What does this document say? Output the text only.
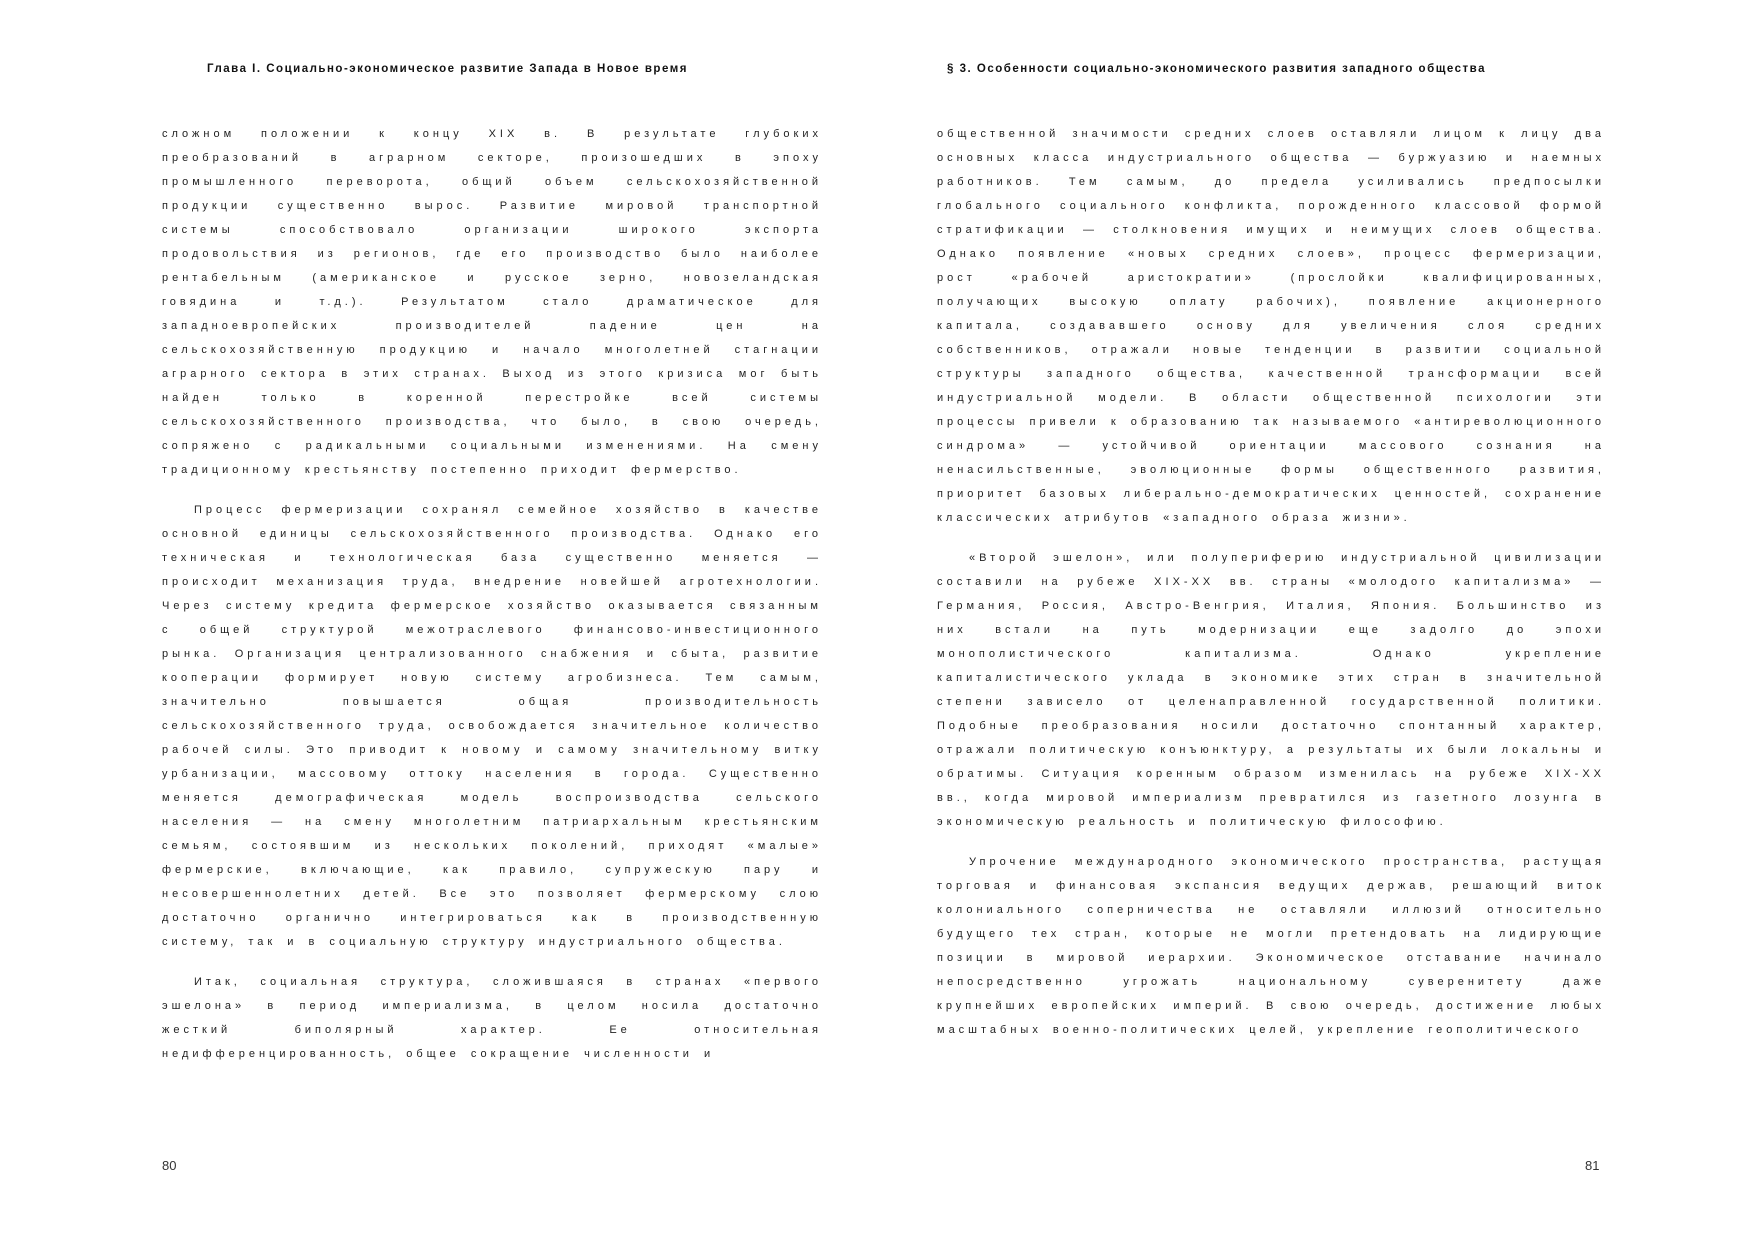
Глава I. Социально-экономическое развитие Запада в Новое время

сложном положении к концу XIX в. В результате глубоких преобразований в аграрном секторе, произошедших в эпоху промышленного переворота, общий объем сельскохозяйственной продукции существенно вырос. Развитие мировой транспортной системы способствовало организации широкого экспорта продовольствия из регионов, где его производство было наиболее рентабельным (американское и русское зерно, новозеландская говядина и т.д.). Результатом стало драматическое для западноевропейских производителей падение цен на сельскохозяйственную продукцию и начало многолетней стагнации аграрного сектора в этих странах. Выход из этого кризиса мог быть найден только в коренной перестройке всей системы сельскохозяйственного производства, что было, в свою очередь, сопряжено с радикальными социальными изменениями. На смену традиционному крестьянству постепенно приходит фермерство.

Процесс фермеризации сохранял семейное хозяйство в качестве основной единицы сельскохозяйственного производства. Однако его техническая и технологическая база существенно меняется — происходит механизация труда, внедрение новейшей агротехнологии. Через систему кредита фермерское хозяйство оказывается связанным с общей структурой межотраслевого финансово-инвестиционного рынка. Организация централизованного снабжения и сбыта, развитие кооперации формирует новую систему агробизнеса. Тем самым, значительно повышается общая производительность сельскохозяйственного труда, освобождается значительное количество рабочей силы. Это приводит к новому и самому значительному витку урбанизации, массовому оттоку населения в города. Существенно меняется демографическая модель воспроизводства сельского населения — на смену многолетним патриархальным крестьянским семьям, состоявшим из нескольких поколений, приходят «малые» фермерские, включающие, как правило, супружескую пару и несовершеннолетних детей. Все это позволяет фермерскому слою достаточно органично интегрироваться как в производственную систему, так и в социальную структуру индустриального общества.

Итак, социальная структура, сложившаяся в странах «первого эшелона» в период империализма, в целом носила достаточно жесткий биполярный характер. Ее относительная недифференцированность, общее сокращение численности и

80
§ 3. Особенности социально-экономического развития западного общества

общественной значимости средних слоев оставляли лицом к лицу два основных класса индустриального общества — буржуазию и наемных работников. Тем самым, до предела усиливались предпосылки глобального социального конфликта, порожденного классовой формой стратификации — столкновения имущих и неимущих слоев общества. Однако появление «новых средних слоев», процесс фермеризации, рост «рабочей аристократии» (прослойки квалифицированных, получающих высокую оплату рабочих), появление акционерного капитала, создававшего основу для увеличения слоя средних собственников, отражали новые тенденции в развитии социальной структуры западного общества, качественной трансформации всей индустриальной модели. В области общественной психологии эти процессы привели к образованию так называемого «антиреволюционного синдрома» — устойчивой ориентации массового сознания на ненасильственные, эволюционные формы общественного развития, приоритет базовых либерально-демократических ценностей, сохранение классических атрибутов «западного образа жизни».

«Второй эшелон», или полупериферию индустриальной цивилизации составили на рубеже XIX-XX вв. страны «молодого капитализма» — Германия, Россия, Австро-Венгрия, Италия, Япония. Большинство из них встали на путь модернизации еще задолго до эпохи монополистического капитализма. Однако укрепление капиталистического уклада в экономике этих стран в значительной степени зависело от целенаправленной государственной политики. Подобные преобразования носили достаточно спонтанный характер, отражали политическую конъюнктуру, а результаты их были локальны и обратимы. Ситуация коренным образом изменилась на рубеже XIX-XX вв., когда мировой империализм превратился из газетного лозунга в экономическую реальность и политическую философию.

Упрочение международного экономического пространства, растущая торговая и финансовая экспансия ведущих держав, решающий виток колониального соперничества не оставляли иллюзий относительно будущего тех стран, которые не могли претендовать на лидирующие позиции в мировой иерархии. Экономическое отставание начинало непосредственно угрожать национальному суверенитету даже крупнейших европейских империй. В свою очередь, достижение любых масштабных военно-политических целей, укрепление геополитического

81
